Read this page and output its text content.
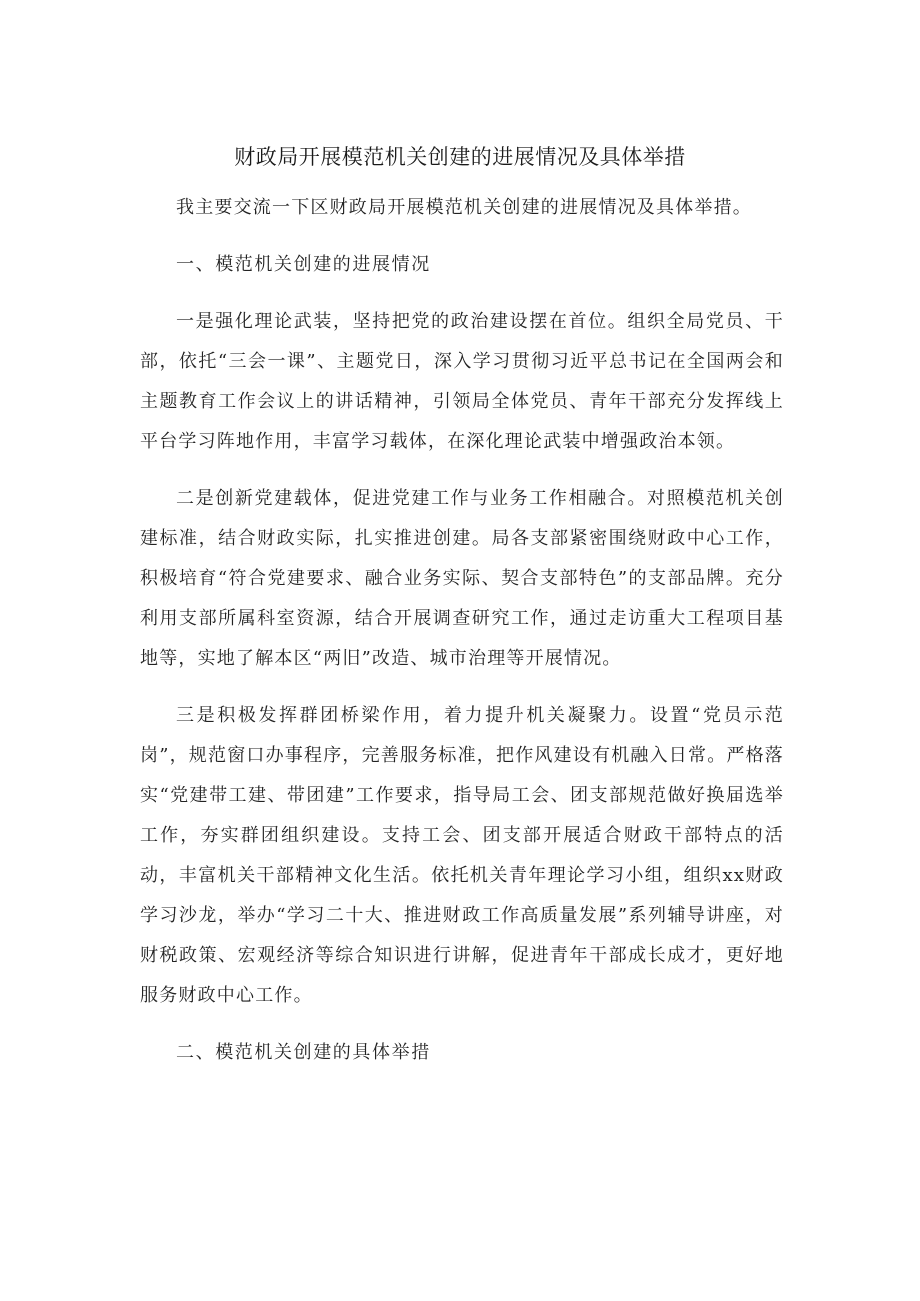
财政局开展模范机关创建的进展情况及具体举措

我主要交流一下区财政局开展模范机关创建的进展情况及具体举措。

一、模范机关创建的进展情况

一是强化理论武装，坚持把党的政治建设摆在首位。组织全局党员、干部，依托“三会一课”、主题党日，深入学习贯彻习近平总书记在全国两会和主题教育工作会议上的讲话精神，引领局全体党员、青年干部充分发挥线上平台学习阵地作用，丰富学习载体，在深化理论武装中增强政治本领。

二是创新党建载体，促进党建工作与业务工作相融合。对照模范机关创建标准，结合财政实际，扎实推进创建。局各支部紧密围绕财政中心工作，积极培育“符合党建要求、融合业务实际、契合支部特色”的支部品牌。充分利用支部所属科室资源，结合开展调查研究工作，通过走访重大工程项目基地等，实地了解本区“两旧”改造、城市治理等开展情况。

三是积极发挥群团桥梁作用，着力提升机关凝聚力。设置“党员示范岗”，规范窗口办事程序，完善服务标准，把作风建设有机融入日常。严格落实“党建带工建、带团建”工作要求，指导局工会、团支部规范做好换届选举工作，夯实群团组织建设。支持工会、团支部开展适合财政干部特点的活动，丰富机关干部精神文化生活。依托机关青年理论学习小组，组织xx财政学习沙龙，举办“学习二十大、推进财政工作高质量发展”系列辅导讲座，对财税政策、宏观经济等综合知识进行讲解，促进青年干部成长成才，更好地服务财政中心工作。

二、模范机关创建的具体举措
